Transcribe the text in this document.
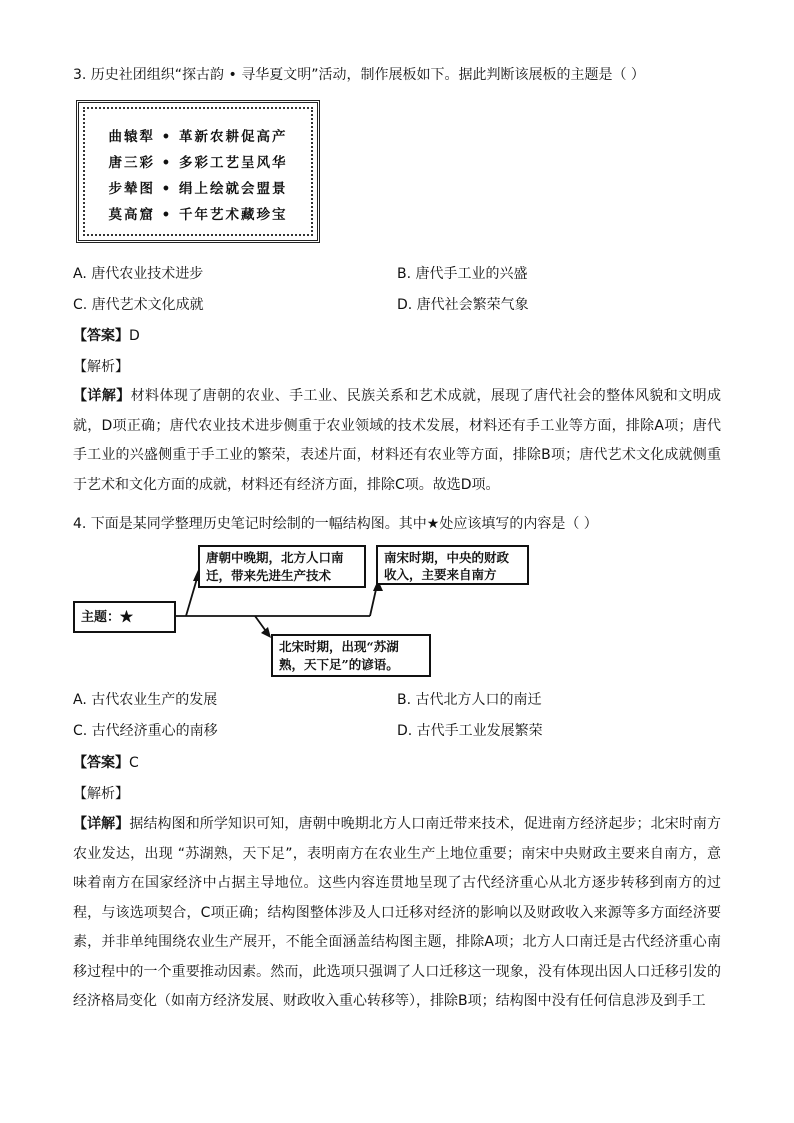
3. 历史社团组织“探古韵 • 寻华夏文明”活动，制作展板如下。据此判断该展板的主题是（ ）
曲辕犁 • 革新农耕促高产
唐三彩 • 多彩工艺呈风华
步辇图 • 绢上绘就会盟景
莫高窟 • 千年艺术藏珍宝
A. 唐代农业技术进步	B. 唐代手工业的兴盛
C. 唐代艺术文化成就	D. 唐代社会繁荣气象
【答案】D
【解析】
【详解】材料体现了唐朝的农业、手工业、民族关系和艺术成就，展现了唐代社会的整体风貌和文明成就，D项正确；唐代农业技术进步侧重于农业领域的技术发展，材料还有手工业等方面，排除A项；唐代手工业的兴盛侧重于手工业的繁荣，表述片面，材料还有农业等方面，排除B项；唐代艺术文化成就侧重于艺术和文化方面的成就，材料还有经济方面，排除C项。故选D项。
4. 下面是某同学整理历史笔记时绘制的一幅结构图。其中★处应该填写的内容是（ ）
主题：★
唐朝中晚期，北方人口南迁，带来先进生产技术
北宋时期，出现“苏湖熟，天下足”的谚语。
南宋时期，中央的财政收入，主要来自南方
A. 古代农业生产的发展	B. 古代北方人口的南迁
C. 古代经济重心的南移	D. 古代手工业发展繁荣
【答案】C
【解析】
【详解】据结构图和所学知识可知，唐朝中晚期北方人口南迁带来技术，促进南方经济起步；北宋时南方农业发达，出现 “苏湖熟，天下足”，表明南方在农业生产上地位重要；南宋中央财政主要来自南方，意味着南方在国家经济中占据主导地位。这些内容连贯地呈现了古代经济重心从北方逐步转移到南方的过程，与该选项契合，C项正确；结构图整体涉及人口迁移对经济的影响以及财政收入来源等多方面经济要素，并非单纯围绕农业生产展开，不能全面涵盖结构图主题，排除A项；北方人口南迁是古代经济重心南移过程中的一个重要推动因素。然而，此选项只强调了人口迁移这一现象，没有体现出因人口迁移引发的经济格局变化（如南方经济发展、财政收入重心转移等），排除B项；结构图中没有任何信息涉及到手工
